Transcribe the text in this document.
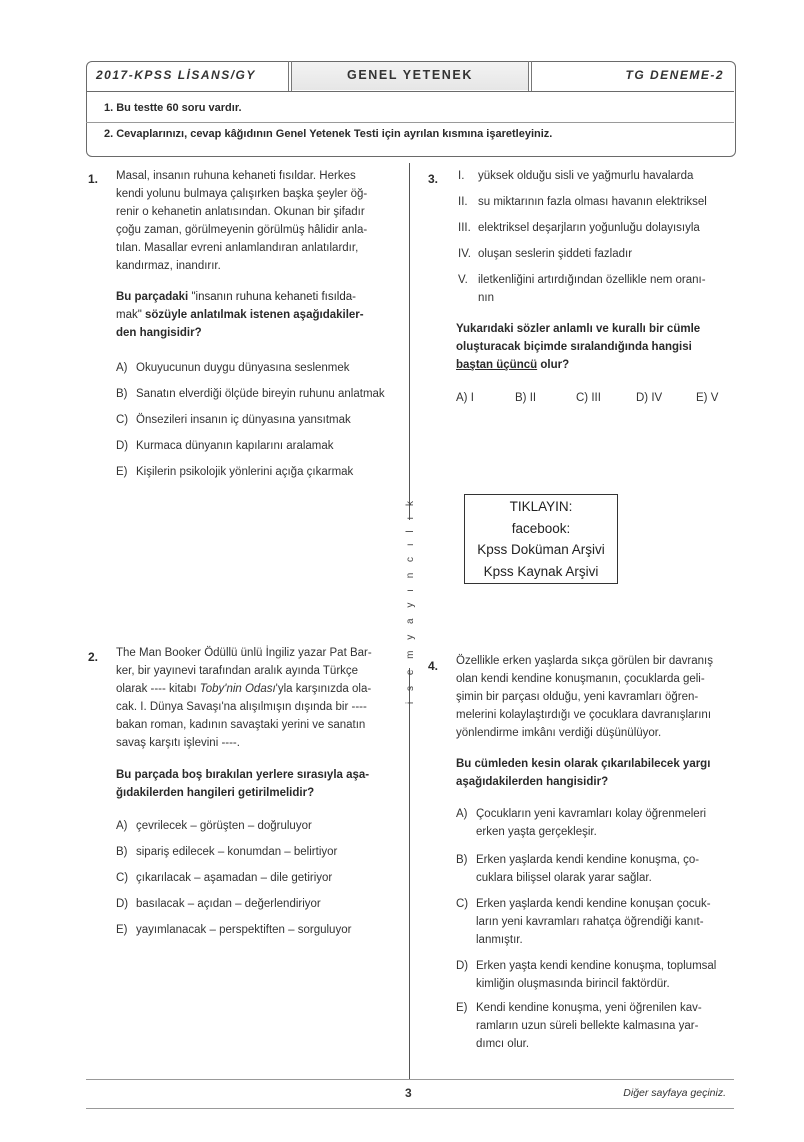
GENEL YETENEK
2017-KPSS LİSANS/GY	TG DENEME-2
1. Bu testte 60 soru vardır.
2. Cevaplarınızı, cevap kâğıdının Genel Yetenek Testi için ayrılan kısmına işaretleyiniz.
i s e m y a y ı n c ı l ı k
1. Masal, insanın ruhuna kehaneti fısıldar. Herkes
kendi yolunu bulmaya çalışırken başka şeyler öğ-
renir o kehanetin anlatısından. Okunan bir şifadır
çoğu zaman, görülmeyenin görülmüş hâlidir anla-
tılan. Masallar evreni anlamlandıran anlatılardır,
kandırmaz, inandırır.
Bu parçadaki "insanın ruhuna kehaneti fısılda-
mak" sözüyle anlatılmak istenen aşağıdakiler-
den hangisidir?
A) Okuyucunun duygu dünyasına seslenmek
B) Sanatın elverdiği ölçüde bireyin ruhunu anlatmak
C) Önsezileri insanın iç dünyasına yansıtmak
D) Kurmaca dünyanın kapılarını aralamak
E) Kişilerin psikolojik yönlerini açığa çıkarmak
2. The Man Booker Ödüllü ünlü İngiliz yazar Pat Bar-
ker, bir yayınevi tarafından aralık ayında Türkçe
olarak ---- kitabı Toby'nin Odası'yla karşınızda ola-
cak. I. Dünya Savaşı'na alışılmışın dışında bir ----
bakan roman, kadının savaştaki yerini ve sanatın
savaş karşıtı işlevini ----.
Bu parçada boş bırakılan yerlere sırasıyla aşa-
ğıdakilerden hangileri getirilmelidir?
A) çevrilecek – görüşten – doğruluyor
B) sipariş edilecek – konumdan – belirtiyor
C) çıkarılacak – aşamadan – dile getiriyor
D) basılacak – açıdan – değerlendiriyor
E) yayımlanacak – perspektiften – sorguluyor
3. I. yüksek olduğu sisli ve yağmurlu havalarda
II. su miktarının fazla olması havanın elektriksel
III. elektriksel deşarjların yoğunluğu dolayısıyla
IV. oluşan seslerin şiddeti fazladır
V. iletkenliğini artırdığından özellikle nem oranı-
nın
Yukarıdaki sözler anlamlı ve kurallı bir cümle
oluşturacak biçimde sıralandığında hangisi
baştan üçüncü olur?
A) I	B) II	C) III	D) IV	E) V
TIKLAYIN:
facebook:
Kpss Doküman Arşivi
Kpss Kaynak Arşivi
4. Özellikle erken yaşlarda sıkça görülen bir davranış
olan kendi kendine konuşmanın, çocuklarda geli-
şimin bir parçası olduğu, yeni kavramları öğren-
melerini kolaylaştırdığı ve çocuklara davranışlarını
yönlendirme imkânı verdiği düşünülüyor.
Bu cümleden kesin olarak çıkarılabilecek yargı
aşağıdakilerden hangisidir?
A) Çocukların yeni kavramları kolay öğrenmeleri
erken yaşta gerçekleşir.
B) Erken yaşlarda kendi kendine konuşma, ço-
cuklara bilişsel olarak yarar sağlar.
C) Erken yaşlarda kendi kendine konuşan çocuk-
ların yeni kavramları rahatça öğrendiği kanıt-
lanmıştır.
D) Erken yaşta kendi kendine konuşma, toplumsal
kimliğin oluşmasında birincil faktördür.
E) Kendi kendine konuşma, yeni öğrenilen kav-
ramların uzun süreli bellekte kalmasına yar-
dımcı olur.
3	Diğer sayfaya geçiniz.
